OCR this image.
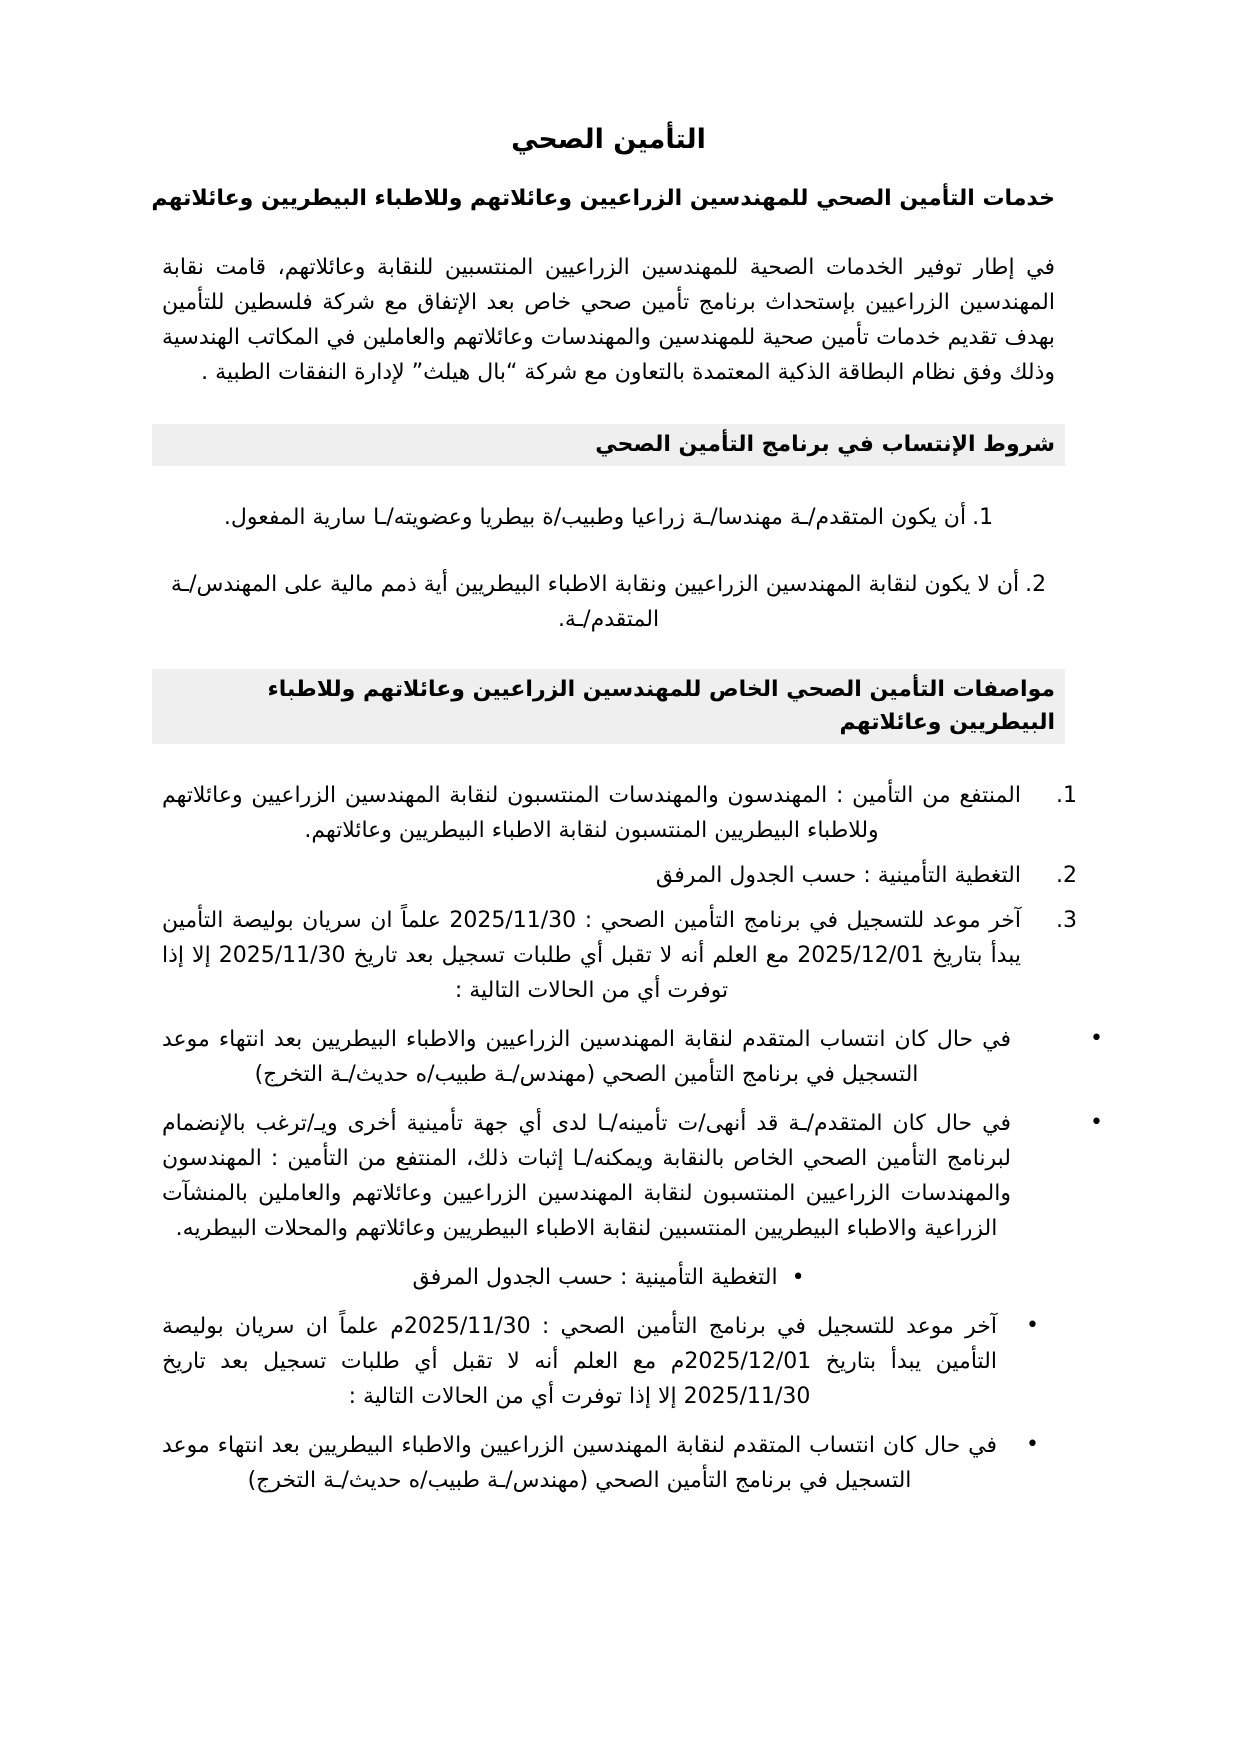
التأمين الصحي
خدمات التأمين الصحي للمهندسين الزراعيين وعائلاتهم وللاطباء البيطريين وعائلاتهم

في إطار توفير الخدمات الصحية للمهندسين الزراعيين المنتسبين للنقابة وعائلاتهم، قامت نقابة المهندسين الزراعيين بإستحداث برنامج تأمين صحي خاص بعد الإتفاق مع شركة فلسطين للتأمين بهدف تقديم خدمات تأمين صحية للمهندسين والمهندسات وعائلاتهم والعاملين في المكاتب الهندسية وذلك وفق نظام البطاقة الذكية المعتمدة بالتعاون مع شركة “بال هيلث” لإدارة النفقات الطبية .

شروط الإنتساب في برنامج التأمين الصحي
1.أن يكون المتقدم/ـة مهندسا/ـة زراعيا وطبيب/ة بيطريا وعضويته/ـا سارية المفعول.
2.أن لا يكون لنقابة المهندسين الزراعيين ونقابة الاطباء البيطريين أية ذمم مالية على المهندس/ـة المتقدم/ـة.
مواصفات التأمين الصحي الخاص للمهندسين الزراعيين وعائلاتهم وللاطباء البيطريين وعائلاتهم
1.
المنتفع من التأمين : المهندسون والمهندسات المنتسبون لنقابة المهندسين الزراعيين وعائلاتهم وللاطباء البيطريين المنتسبون لنقابة الاطباء البيطريين وعائلاتهم.
2.
التغطية التأمينية : حسب الجدول المرفق
3.
آخر موعد للتسجيل في برنامج التأمين الصحي : 2025/11/30 علماً ان سريان بوليصة التأمين يبدأ بتاريخ 2025/12/01 مع العلم أنه لا تقبل أي طلبات تسجيل بعد تاريخ 2025/11/30 إلا إذا توفرت أي من الحالات التالية :
•
في حال كان انتساب المتقدم لنقابة المهندسين الزراعيين والاطباء البيطريين بعد انتهاء موعد التسجيل في برنامج التأمين الصحي (مهندس/ـة طبيب/ه حديث/ـة التخرج)
•
في حال كان المتقدم/ـة قد أنهى/ت تأمينه/ـا لدى أي جهة تأمينية أخرى ويـ/ترغب بالإنضمام لبرنامج التأمين الصحي الخاص بالنقابة ويمكنه/ـا إثبات ذلك، المنتفع من التأمين : المهندسون والمهندسات الزراعيين المنتسبون لنقابة المهندسين الزراعيين وعائلاتهم والعاملين بالمنشآت الزراعية والاطباء البيطريين المنتسبين لنقابة الاطباء البيطريين وعائلاتهم والمحلات البيطريه.
•التغطية التأمينية : حسب الجدول المرفق
•
آخر موعد للتسجيل في برنامج التأمين الصحي : 2025/11/30م علماً ان سريان بوليصة التأمين يبدأ بتاريخ 2025/12/01م مع العلم أنه لا تقبل أي طلبات تسجيل بعد تاريخ 2025/11/30 إلا إذا توفرت أي من الحالات التالية :
•
في حال كان انتساب المتقدم لنقابة المهندسين الزراعيين والاطباء البيطريين بعد انتهاء موعد التسجيل في برنامج التأمين الصحي (مهندس/ـة طبيب/ه حديث/ـة التخرج)
